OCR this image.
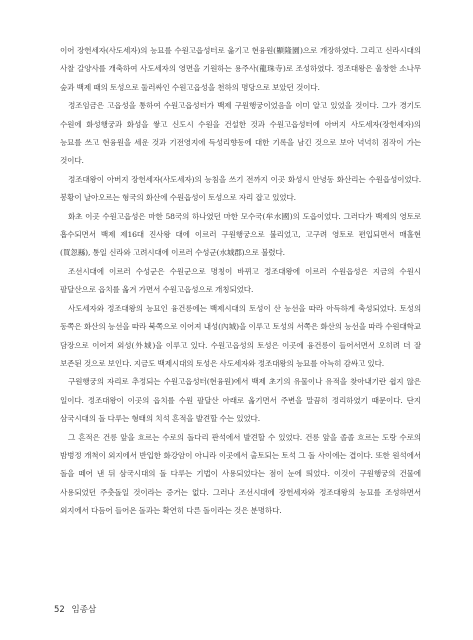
이어 장헌세자(사도세자)의 능묘를 수원고읍성터로 옮기고 현융원(顯隆園)으로 개장하였다. 그리고 신라시대의 사찰 갈양사를 개축하여 사도세자의 영면을 기원하는 용주사(龍珠寺)로 조성하였다. 정조대왕은 울창한 소나무 숲과 백제 때의 토성으로 둘러싸인 수원고읍성을 천하의 명당으로 보았던 것이다.

정조임금은 고읍성을 통하여 수원고읍성터가 백제 구원행궁이었음을 이미 알고 있었을 것이다. 그가 경기도 수원에 화성행궁과 화성을 쌓고 신도시 수원을 건설한 것과 수원고읍성터에 아버지 사도세자(장헌세자)의 능묘를 쓰고 현융원을 세운 것과 기전영지에 득성리향동에 대한 기록을 남긴 것으로 보아 넉넉히 짐작이 가는 것이다.

정조대왕이 아버지 장헌세자(사도세자)의 능침을 쓰기 전까지 이곳 화성시 안녕동 화산리는 수원읍성이었다. 봉황이 날아오르는 형국의 화산에 수원읍성이 토성으로 자리 잡고 있었다.

화초 이곳 수원고읍성은 마한 58국의 하나였던 마한 모수국(牟水國)의 도읍이었다. 그러다가 백제의 영토로 흡수되면서 백제 제16대 진사왕 대에 이르러 구원행궁으로 불리었고, 고구려 영토로 편입되면서 매홀현(買忽縣), 통일 신라와 고려시대에 이르러 수성군(水城郡)으로 불렸다.

조선시대에 이르러 수성군은 수원군으로 명칭이 바뀌고 정조대왕에 이르러 수원읍성은 지금의 수원시 팔달산으로 읍치를 옮겨 가면서 수원고읍성으로 개칭되었다.

사도세자와 정조대왕의 능묘인 융건릉에는 백제시대의 토성이 산 능선을 따라 아득하게 축성되었다. 토성의 동쪽은 화산의 능선을 따라 북쪽으로 이어져 내성(內城)을 이루고 토성의 서쪽은 화산의 능선을 따라 수원대학교 담장으로 이어져 외성(外城)을 이루고 있다. 수원고읍성의 토성은 이곳에 융건릉이 들어서면서 오히려 더 잘 보존된 것으로 보인다. 지금도 백제시대의 토성은 사도세자와 정조대왕의 능묘를 아늑히 감싸고 있다.

구원행궁의 자리로 추정되는 수원고읍성터(현융원)에서 백제 초기의 유물이나 유적을 찾아내기란 쉽지 않은 일이다. 정조대왕이 이곳의 읍치를 수원 팔달산 아래로 옮기면서 주변을 말끔히 정리하였기 때문이다. 단지 삼국시대의 돌 다루는 형태의 치석 흔적을 발견할 수는 있었다.

그 흔적은 건릉 앞을 흐르는 수로의 돌다리 판석에서 발견할 수 있었다. 건릉 앞을 졸졸 흐르는 도랑 수로의 밤벙정 개척이 외지에서 반입한 화강암이 아니라 이곳에서 출토되는 토석 그 돌 사이에는 겹이다. 또한 원석에서 돌을 떼어 낸 뒤 삼국시대의 돌 다루는 기법이 사용되었다는 점이 눈에 띄었다. 이것이 구원행궁의 건물에 사용되었던 주춧돌일 것이라는 증거는 없다. 그러나 조선시대에 장헌세자와 정조대왕의 능묘를 조성하면서 외지에서 다듬어 들어온 돌과는 확연히 다른 돌이라는 것은 분명하다.

52 임종삼
